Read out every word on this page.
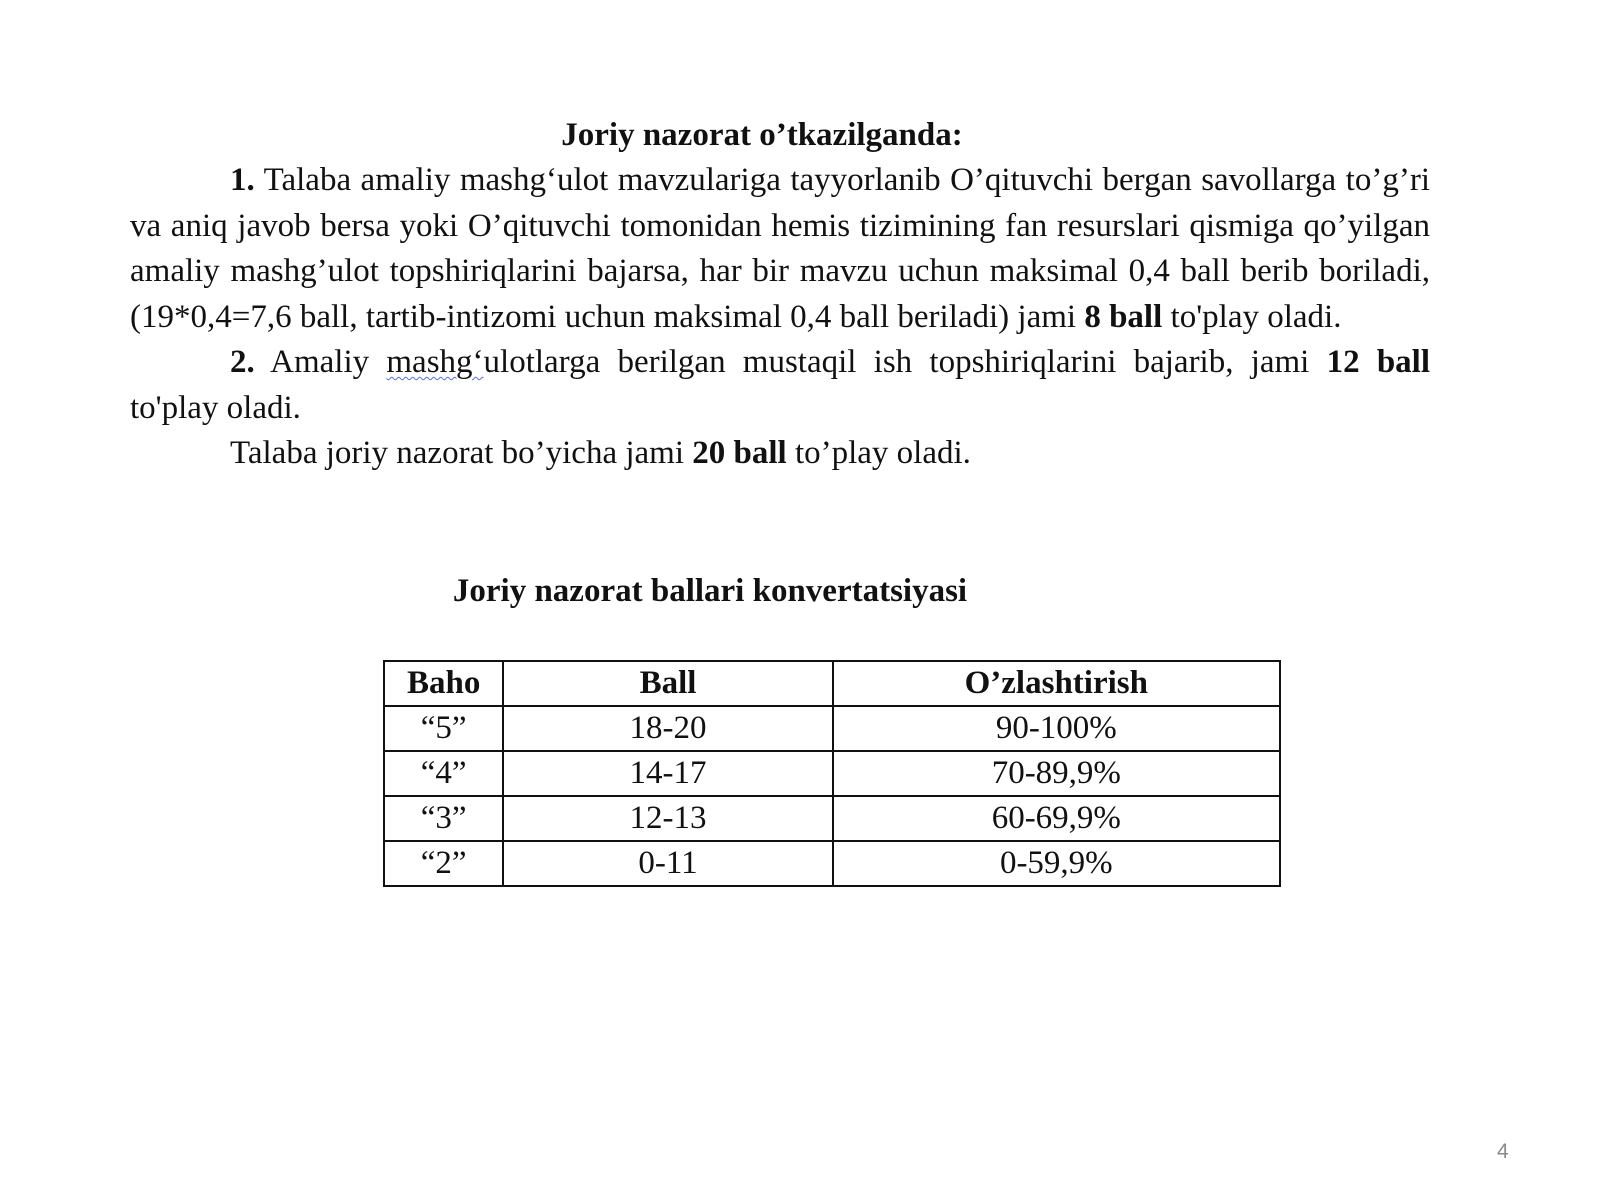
Joriy nazorat o’tkazilganda:

1. Talaba amaliy mashg‘ulot mavzulariga tayyorlanib O’qituvchi bergan savollarga to’g’ri va aniq javob bersa yoki O’qituvchi tomonidan hemis tizimining fan resurslari qismiga qo’yilgan amaliy mashg’ulot topshiriqlarini bajarsa, har bir mavzu uchun maksimal 0,4 ball berib boriladi, (19*0,4=7,6 ball, tartib-intizomi uchun maksimal 0,4 ball beriladi) jami 8 ball to'play oladi.

2. Amaliy mashg‘ulotlarga berilgan mustaqil ish topshiriqlarini bajarib, jami 12 ball to'play oladi.

Talaba joriy nazorat bo’yicha jami 20 ball to’play oladi.

Joriy nazorat ballari konvertatsiyasi
Baho	Ball	O’zlashtirish
“5”	18-20	90-100%
“4”	14-17	70-89,9%
“3”	12-13	60-69,9%
“2”	0-11	0-59,9%
4
